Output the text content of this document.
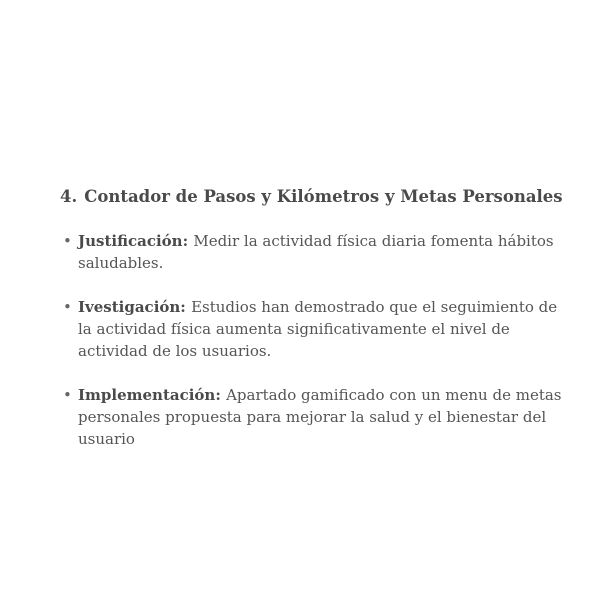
4. Contador de Pasos y Kilómetros y Metas Personales
• Justificación: Medir la actividad física diaria fomenta hábitos saludables.
• Ivestigación: Estudios han demostrado que el seguimiento de la actividad física aumenta significativamente el nivel de actividad de los usuarios.
• Implementación: Apartado gamificado con un menu de metas personales propuesta para mejorar la salud y el bienestar del usuario
